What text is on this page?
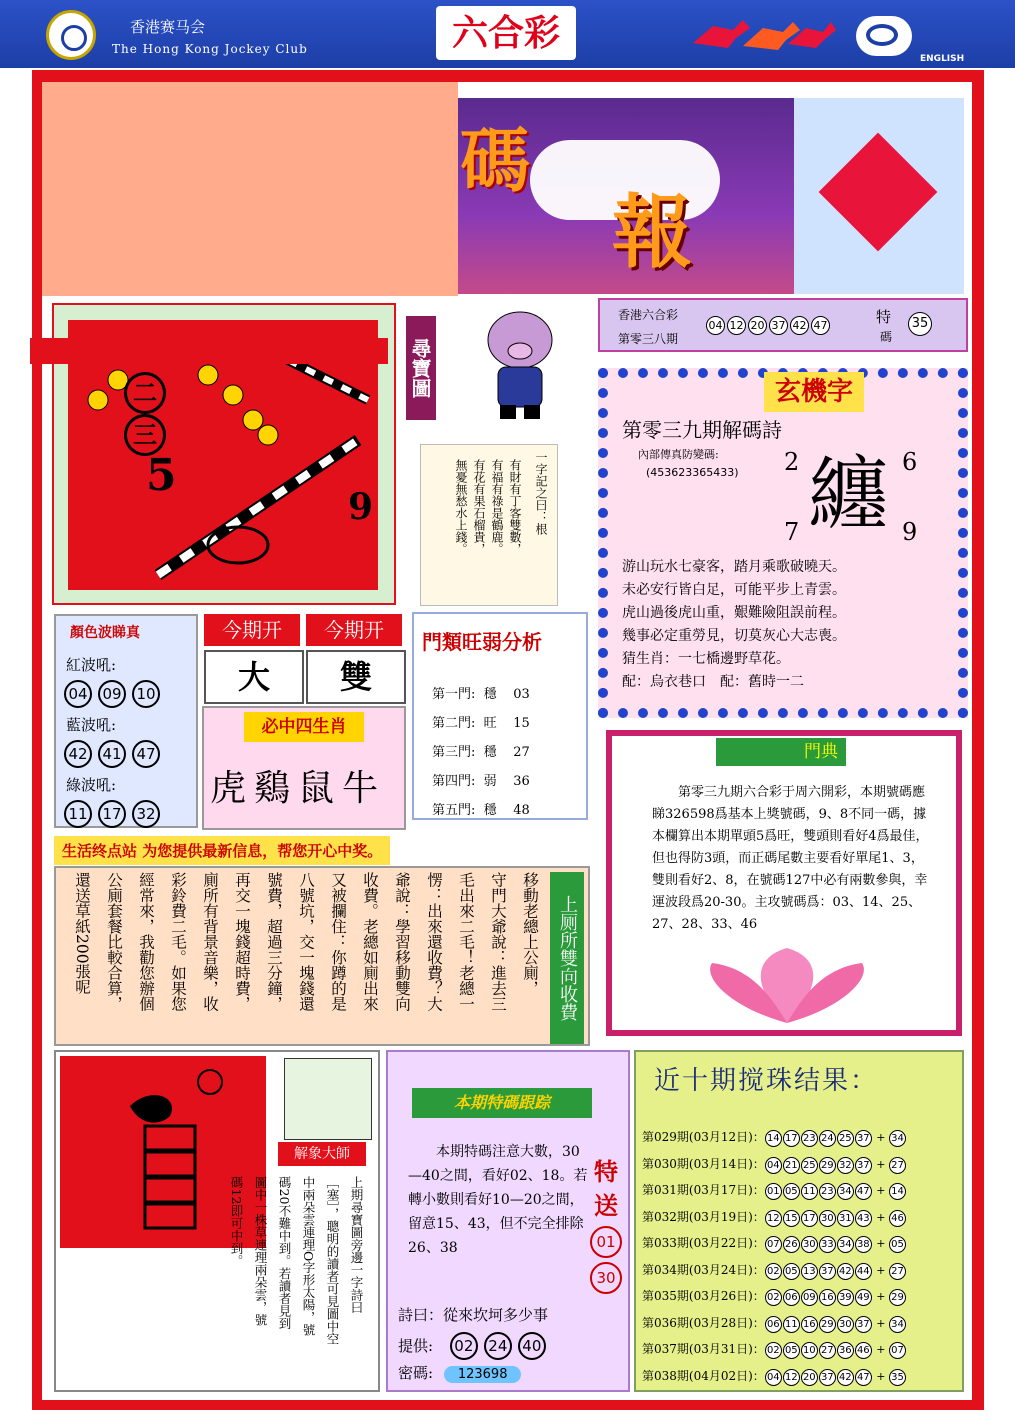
香港赛马会
The Hong Kong Jockey Club	六合彩
ENGLISH
碼
報
二
三
5
9
尋寶圖
一字記之曰：根
有財有丁客雙數，
有福有祿是鶴鹿。
有花有果石榴貴，
無憂無愁水上錢。
香港六合彩
第零三八期
04 12 20 37 42 47	特
碼
35
玄機字
第零三九期解碼詩
內部傳真防變碼:
(453623365433) 2	6
7	9
纏
游山玩水七豪客，踏月乘歌破曉天。
未必安行皆白足，可能平步上青雲。
虎山過後虎山重，艱難險阻誤前程。
幾事必定重勞見，切莫灰心大志喪。
猜生肖：一七橋邊野草花。
配：烏衣巷口　配：舊時一二
顏色波睇真
紅波吼:
04 09 10
藍波吼:
42 41 47
綠波吼:
11 17 32
今期开	今期开
大	雙
必中四生肖
虎鷄鼠牛
門類旺弱分析
第一門: 穩 03
第二門: 旺 15
第三門: 穩 27
第四門: 弱 36
第五門: 穩 48
生活终点站 为您提供最新信息，帮您开心中奖。
上厕所雙向收費
移動老總上公廁，
守門大爺說：進去三
毛出來二毛！老總一
愣：出來還收費？大
爺說：學習移動雙向
收費。老總如廁出來
又被攔住：你蹲的是
八號坑，交一塊錢還
號費，超過三分鐘，
再交一塊錢超時費，
廁所有背景音樂，收
彩鈴費二毛。如果您
經常來，我勸您辦個
公廁套餐比較合算，
還送草紙200張呢
門典
第零三九期六合彩于周六開彩，本期號碼應睇326598爲基本上獎號碼，9、8不同一碼，據本欄算出本期單頭5爲旺，雙頭則看好4爲最佳，但也得防3頭，而正碼尾數主要看好單尾1、3，雙則看好2、8，在號碼127中必有兩數參與，幸運波段爲20-30。主攻號碼爲：03、14、25、27、28、33、46
解象大師
上期尋寶圖旁邊一字詩曰
［塞］，聰明的讀者可見圖中空
中兩朵雲連理O字形太陽，號
碼20不難中到。若讀者見到
圖中一株草連理兩朵雲，號
碼12即可中到。
本期特碼跟踪
本期特碼注意大數，30—40之間，看好02、18。若轉小數則看好10—20之間，留意15、43，但不完全排除26、38
特
送
01
30
詩曰：從來坎坷多少事
提供: 02 24 40
密碼: 123698
近十期搅珠结果：
第029期(03月12日)： 14 17 23 24 25 37 + 34
第030期(03月14日)： 04 21 25 29 32 37 + 27
第031期(03月17日)： 01 05 11 23 34 47 + 14
第032期(03月19日)： 12 15 17 30 31 43 + 46
第033期(03月22日)： 07 26 30 33 34 38 + 05
第034期(03月24日)： 02 05 13 37 42 44 + 27
第035期(03月26日)： 02 06 09 16 39 49 + 29
第036期(03月28日)： 06 11 16 29 30 37 + 34
第037期(03月31日)： 02 05 10 27 36 46 + 07
第038期(04月02日)： 04 12 20 37 42 47 + 35
